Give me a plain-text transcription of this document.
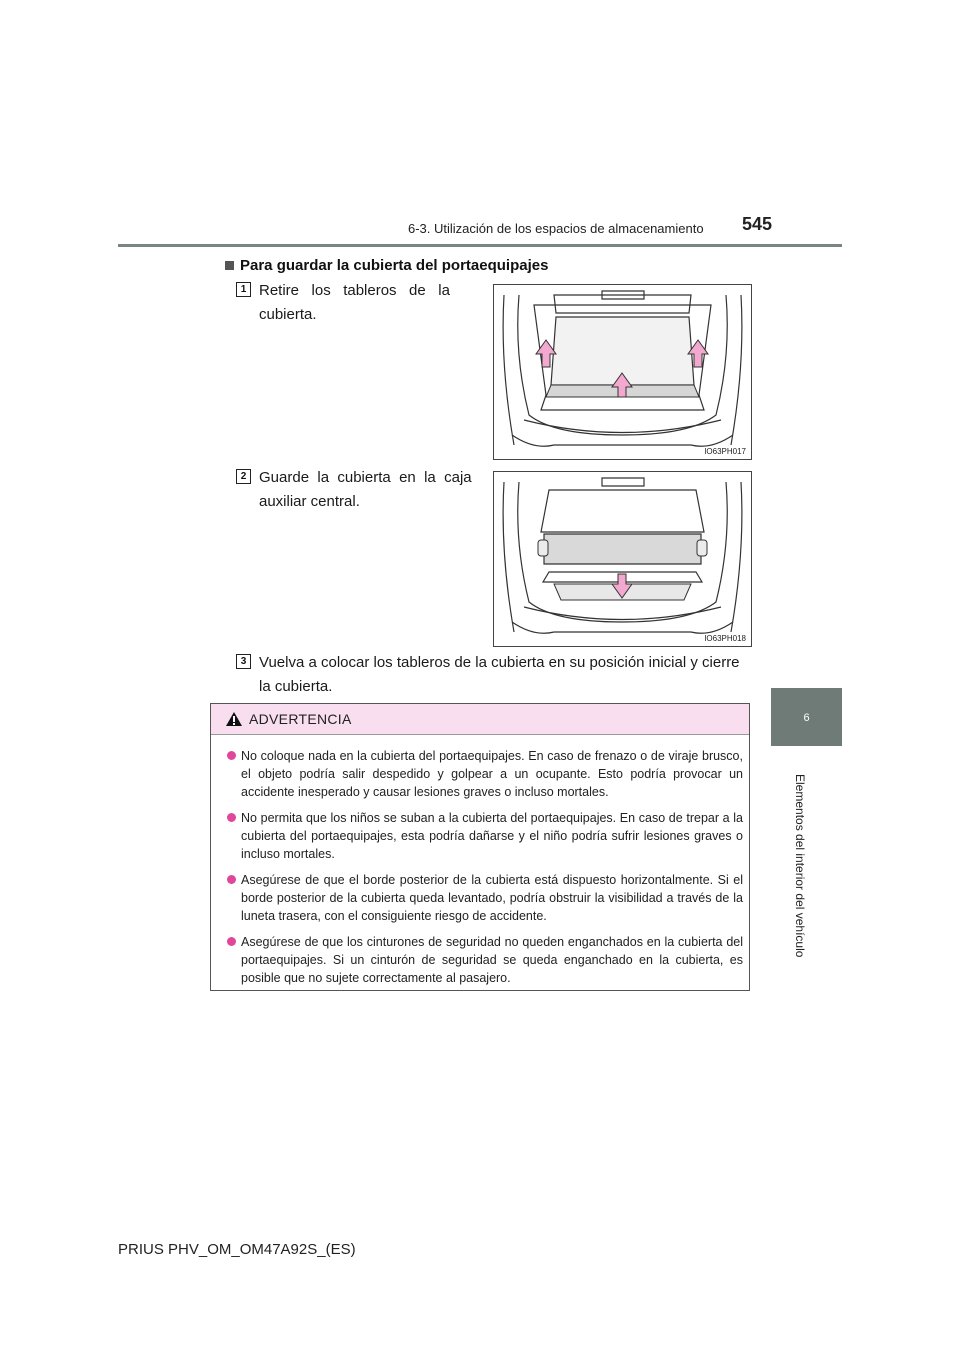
6-3. Utilización de los espacios de almacenamiento 545
6
Elementos del interior del vehículo
Para guardar la cubierta del portaequipajes
1 Retire   los   tableros   de   la
cubierta.
IO63PH017
2 Guarde  la  cubierta  en  la  caja
auxiliar central.
IO63PH018
3 Vuelva a colocar los tableros de la cubierta en su posición inicial y cierre
la cubierta.
ADVERTENCIA
No coloque nada en la cubierta del portaequipajes. En caso de frenazo o de viraje brusco, el objeto podría salir despedido y golpear a un ocupante. Esto podría provocar un accidente inesperado y causar lesiones graves o incluso mortales.
No permita que los niños se suban a la cubierta del portaequipajes. En caso de trepar a la cubierta del portaequipajes, esta podría dañarse y el niño podría sufrir lesiones graves o incluso mortales.
Asegúrese de que el borde posterior de la cubierta está dispuesto horizontalmente. Si el borde posterior de la cubierta queda levantado, podría obstruir la visibilidad a través de la luneta trasera, con el consiguiente riesgo de accidente.
Asegúrese de que los cinturones de seguridad no queden enganchados en la cubierta del portaequipajes. Si un cinturón de seguridad se queda enganchado en la cubierta, es posible que no sujete correctamente al pasajero.
PRIUS PHV_OM_OM47A92S_(ES)
